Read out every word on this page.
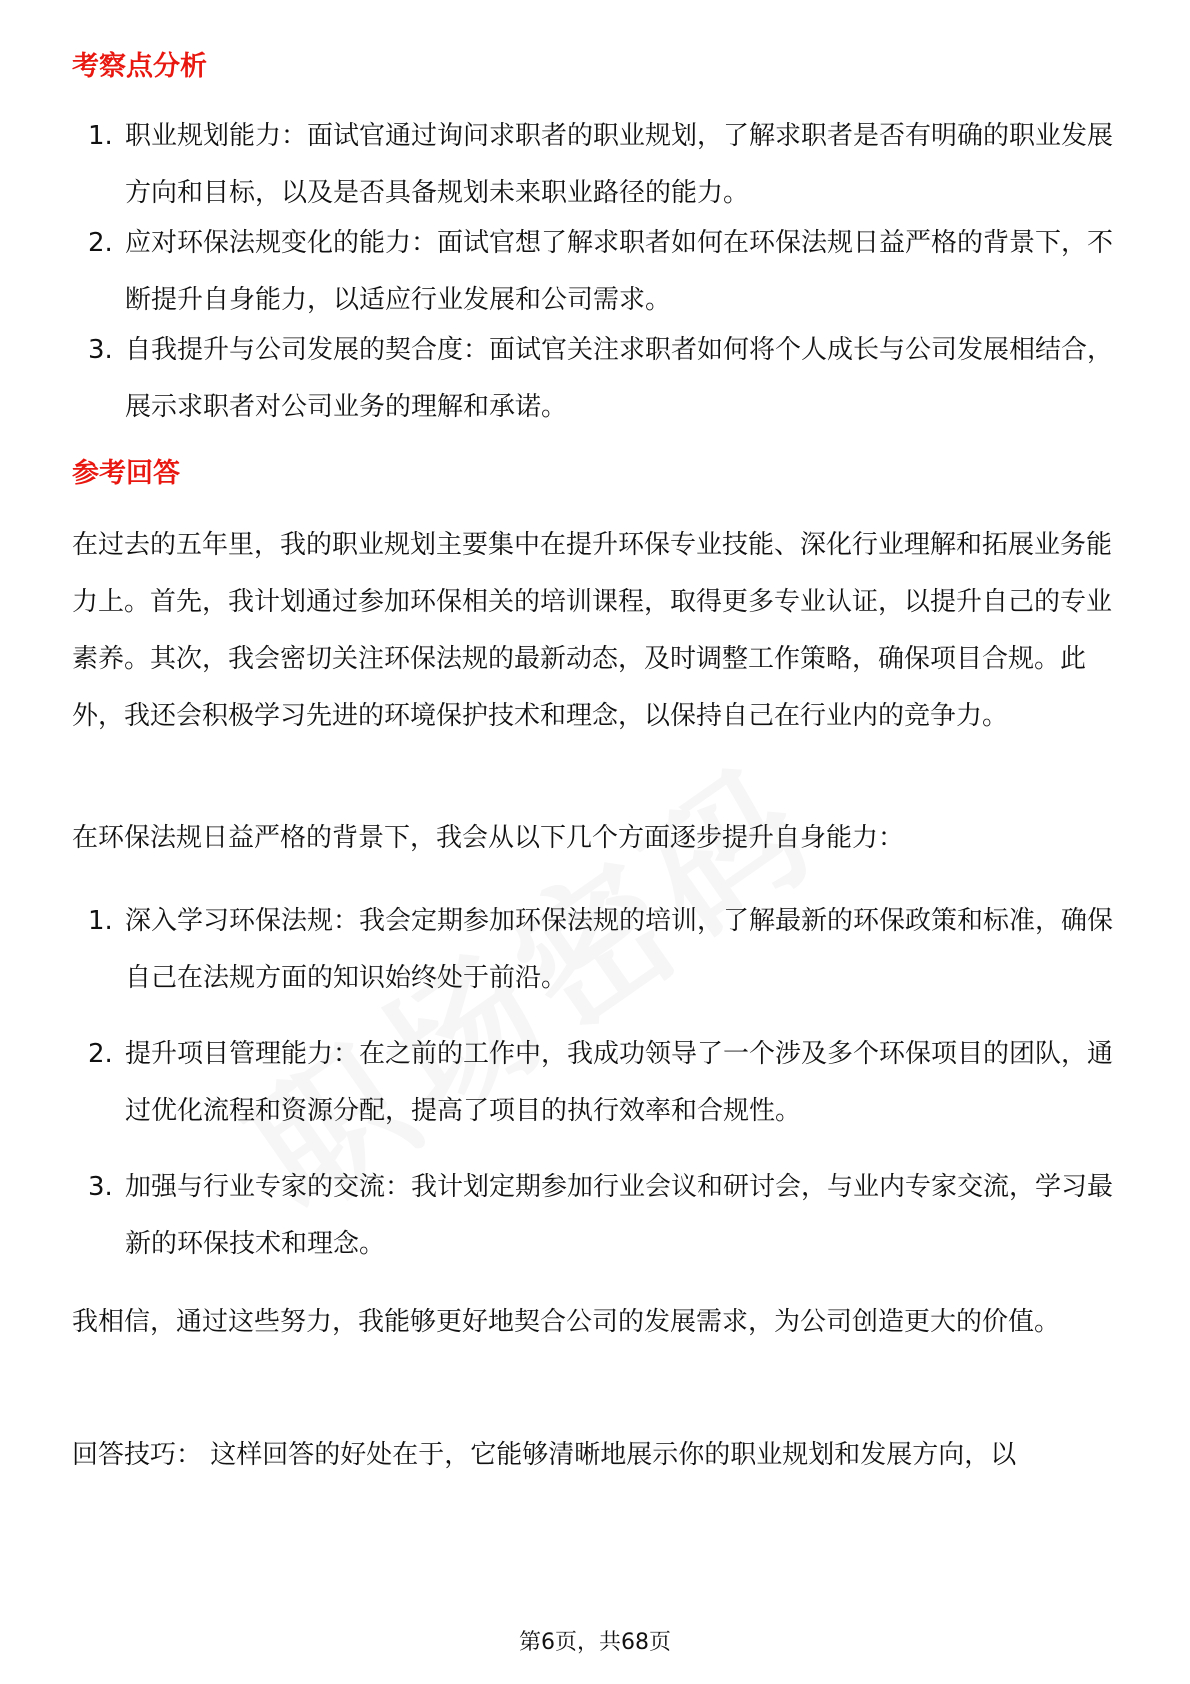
考察点分析
1. 职业规划能力：面试官通过询问求职者的职业规划，了解求职者是否有明确的职业发展方向和目标，以及是否具备规划未来职业路径的能力。
2. 应对环保法规变化的能力：面试官想了解求职者如何在环保法规日益严格的背景下，不断提升自身能力，以适应行业发展和公司需求。
3. 自我提升与公司发展的契合度：面试官关注求职者如何将个人成长与公司发展相结合，展示求职者对公司业务的理解和承诺。
参考回答
在过去的五年里，我的职业规划主要集中在提升环保专业技能、深化行业理解和拓展业务能力上。首先，我计划通过参加环保相关的培训课程，取得更多专业认证，以提升自己的专业素养。其次，我会密切关注环保法规的最新动态，及时调整工作策略，确保项目合规。此外，我还会积极学习先进的环境保护技术和理念，以保持自己在行业内的竞争力。
在环保法规日益严格的背景下，我会从以下几个方面逐步提升自身能力：
1. 深入学习环保法规：我会定期参加环保法规的培训，了解最新的环保政策和标准，确保自己在法规方面的知识始终处于前沿。
2. 提升项目管理能力：在之前的工作中，我成功领导了一个涉及多个环保项目的团队，通过优化流程和资源分配，提高了项目的执行效率和合规性。
3. 加强与行业专家的交流：我计划定期参加行业会议和研讨会，与业内专家交流，学习最新的环保技术和理念。
我相信，通过这些努力，我能够更好地契合公司的发展需求，为公司创造更大的价值。
回答技巧： 这样回答的好处在于，它能够清晰地展示你的职业规划和发展方向，以
第6页，共68页
